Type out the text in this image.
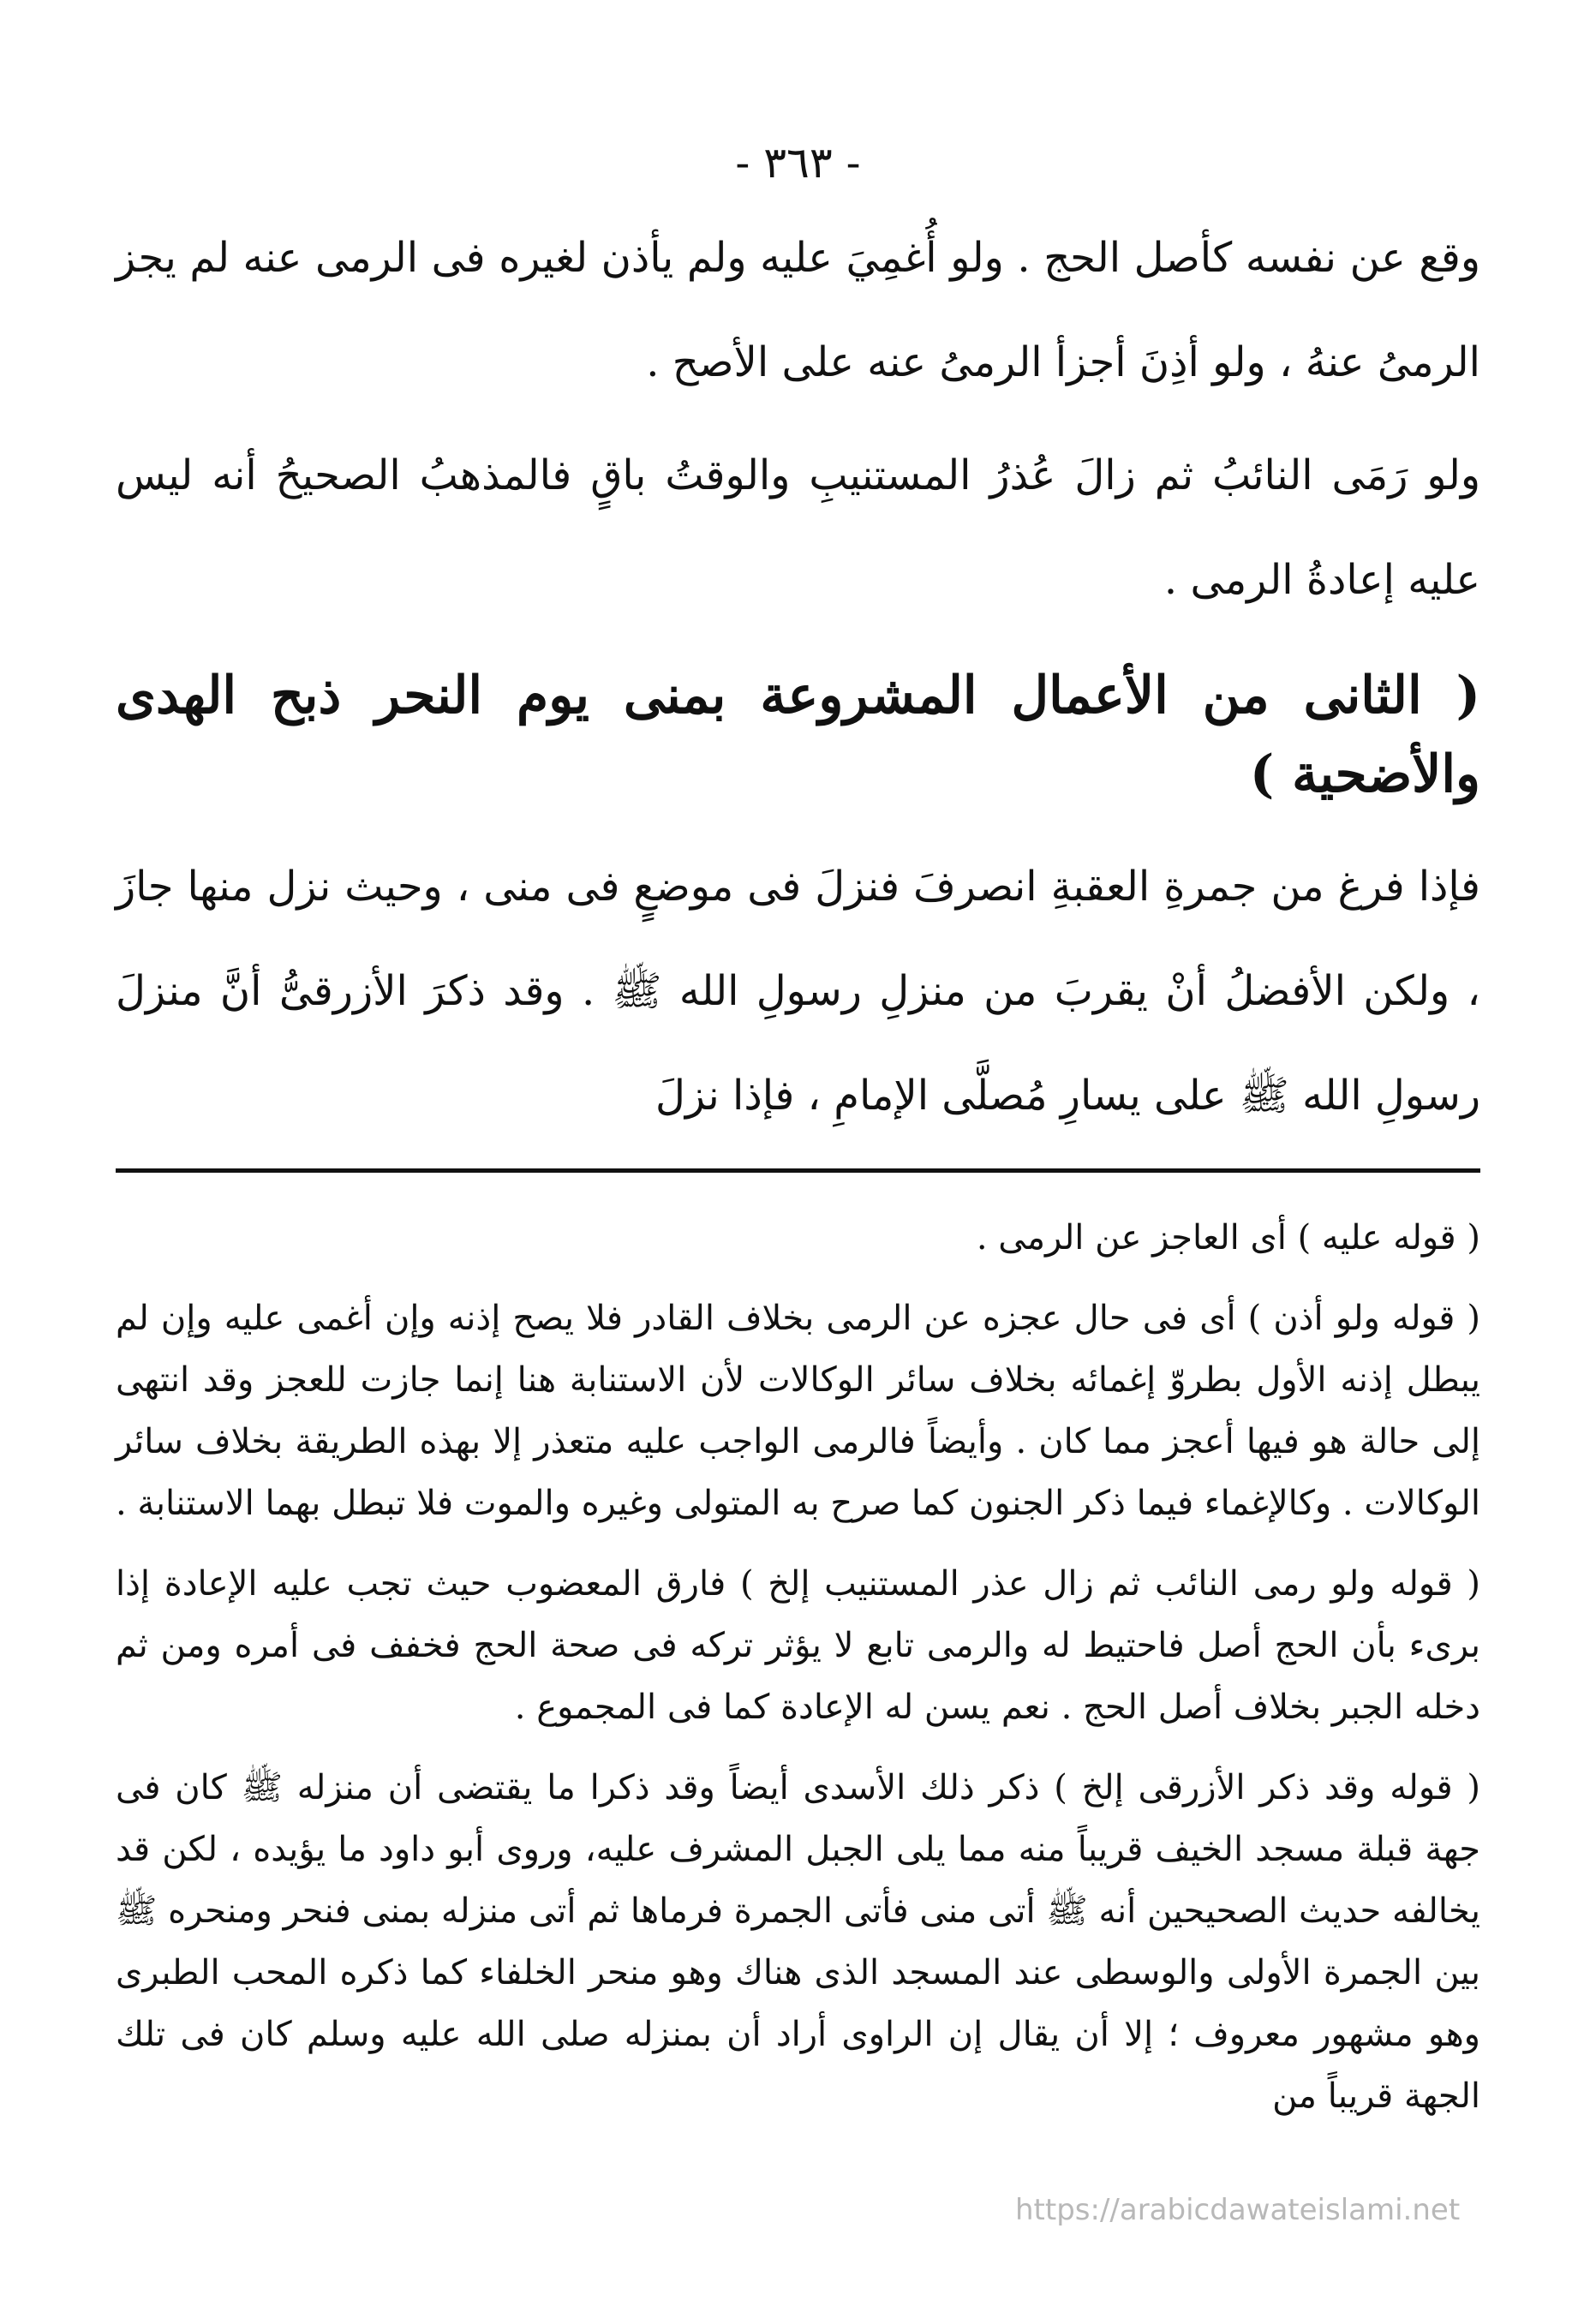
- ٣٦٣ -

وقع عن نفسه كأصل الحج . ولو أُغمِيَ عليه ولم يأذن لغيره فى الرمى عنه لم يجز الرمىُ عنهُ ، ولو أذِنَ أجزأ الرمىُ عنه على الأصح .

ولو رَمَى النائبُ ثم زالَ عُذرُ المستنيبِ والوقتُ باقٍ فالمذهبُ الصحيحُ أنه ليس عليه إعادةُ الرمى .

( الثانى من الأعمال المشروعة بمنى يوم النحر ذبح الهدى والأضحية )

فإذا فرغ من جمرةِ العقبةِ انصرفَ فنزلَ فى موضعٍ فى منى ، وحيث نزل منها جازَ ، ولكن الأفضلُ أنْ يقربَ من منزلِ رسولِ الله ﷺ . وقد ذكرَ الأزرقىُّ أنَّ منزلَ رسولِ الله ﷺ على يسارِ مُصلَّى الإمامِ ، فإذا نزلَ

( قوله عليه ) أى العاجز عن الرمى .

( قوله ولو أذن ) أى فى حال عجزه عن الرمى بخلاف القادر فلا يصح إذنه وإن أغمى عليه وإن لم يبطل إذنه الأول بطروّ إغمائه بخلاف سائر الوكالات لأن الاستنابة هنا إنما جازت للعجز وقد انتهى إلى حالة هو فيها أعجز مما كان . وأيضاً فالرمى الواجب عليه متعذر إلا بهذه الطريقة بخلاف سائر الوكالات . وكالإغماء فيما ذكر الجنون كما صرح به المتولى وغيره والموت فلا تبطل بهما الاستنابة .

( قوله ولو رمى النائب ثم زال عذر المستنيب إلخ ) فارق المعضوب حيث تجب عليه الإعادة إذا برىء بأن الحج أصل فاحتيط له والرمى تابع لا يؤثر تركه فى صحة الحج فخفف فى أمره ومن ثم دخله الجبر بخلاف أصل الحج . نعم يسن له الإعادة كما فى المجموع .

( قوله وقد ذكر الأزرقى إلخ ) ذكر ذلك الأسدى أيضاً وقد ذكرا ما يقتضى أن منزله ﷺ كان فى جهة قبلة مسجد الخيف قريباً منه مما يلى الجبل المشرف عليه، وروى أبو داود ما يؤيده ، لكن قد يخالفه حديث الصحيحين أنه ﷺ أتى منى فأتى الجمرة فرماها ثم أتى منزله بمنى فنحر ومنحره ﷺ بين الجمرة الأولى والوسطى عند المسجد الذى هناك وهو منحر الخلفاء كما ذكره المحب الطبرى وهو مشهور معروف ؛ إلا أن يقال إن الراوى أراد أن بمنزله صلى الله عليه وسلم كان فى تلك الجهة قريباً من

https://arabicdawateislami.net
